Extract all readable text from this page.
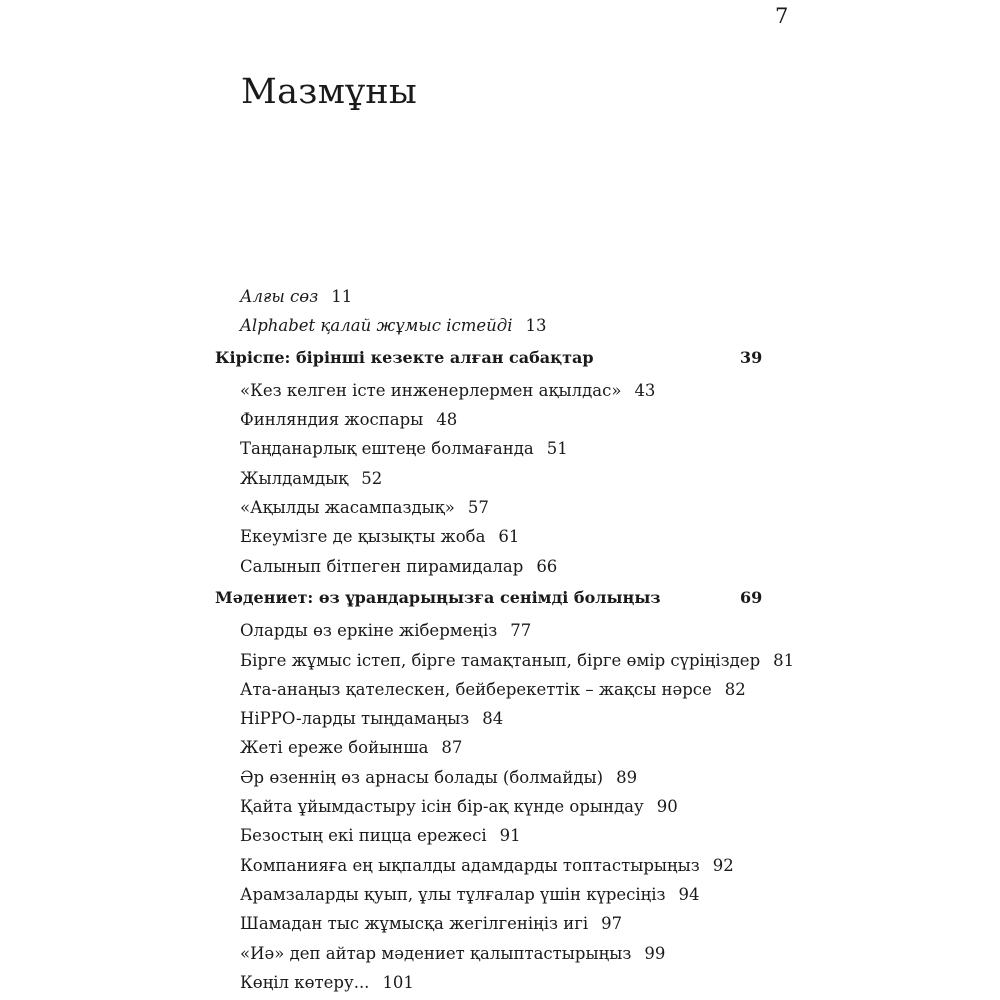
7
Мазмұны
Алғы сөз 11
Alphabet қалай жұмыс істейді 13
Кіріспе: бірінші кезекте алған сабақтар	39
«Кез келген істе инженерлермен ақылдас» 43
Финляндия жоспары 48
Таңданарлық ештеңе болмағанда 51
Жылдамдық 52
«Ақылды жасампаздық» 57
Екеумізге де қызықты жоба 61
Салынып бітпеген пирамидалар 66
Мәдениет: өз ұрандарыңызға сенімді болыңыз	69
Оларды өз еркіне жібермеңіз 77
Бірге жұмыс істеп, бірге тамақтанып, бірге өмір сүріңіздер 81
Ата-анаңыз қателескен, бейберекеттік – жақсы нәрсе 82
HiPPO-ларды тыңдамаңыз 84
Жеті ереже бойынша 87
Әр өзеннің өз арнасы болады (болмайды) 89
Қайта ұйымдастыру ісін бір-ақ күнде орындау 90
Безостың екі пицца ережесі 91
Компанияға ең ықпалды адамдарды топтастырыңыз 92
Арамзаларды қуып, ұлы тұлғалар үшін күресіңіз 94
Шамадан тыс жұмысқа жегілгеніңіз игі 97
«Иә» деп айтар мәдениет қалыптастырыңыз 99
Көңіл көтеру... 101
